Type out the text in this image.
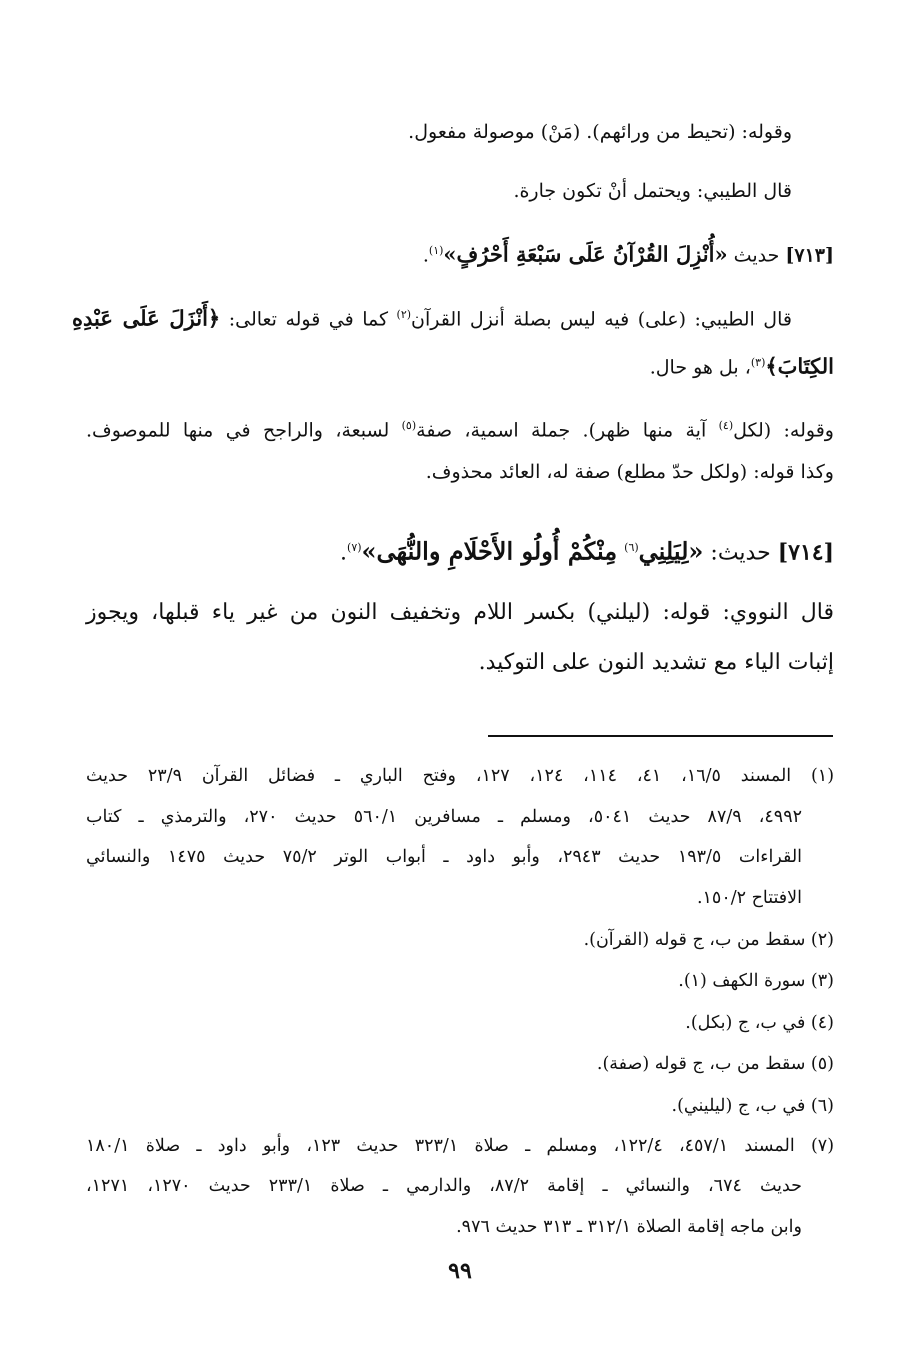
وقوله: (تحيط من ورائهم). (مَنْ) موصولة مفعول.
قال الطيبي: ويحتمل أنْ تكون جارة.
[٧١٣] حديث «أُنْزِلَ القُرْآنُ عَلَى سَبْعَةِ أَحْرُفٍ»$^{(١)}$.
قال الطيبي: (على) فيه ليس بصلة أنزل القرآن$^{(٢)}$ كما في قوله تعالى: ﴿أَنْزَلَ عَلَى عَبْدِهِ
الكِتَابَ﴾$^{(٣)}$، بل هو حال.
وقوله: (لكل$^{(٤)}$ آية منها ظهر). جملة اسمية، صفة$^{(٥)}$ لسبعة، والراجح في منها للموصوف.
وكذا قوله: (ولكل حدّ مطلع) صفة له، العائد محذوف.
[٧١٤] حديث: «لِيَلِنِي$^{(٦)}$ مِنْكُمْ أُولُو الأَحْلَامِ والنُّهَى»$^{(٧)}$.
قال النووي: قوله: (ليلني) بكسر اللام وتخفيف النون من غير ياء قبلها، ويجوز
إثبات الياء مع تشديد النون على التوكيد.
(١) المسند ١٦/٥، ٤١، ١١٤، ١٢٤، ١٢٧، وفتح الباري ـ فضائل القرآن ٢٣/٩ حديث
٤٩٩٢، ٨٧/٩ حديث ٥٠٤١، ومسلم ـ مسافرين ٥٦٠/١ حديث ٢٧٠، والترمذي ـ كتاب
القراءات ١٩٣/٥ حديث ٢٩٤٣، وأبو داود ـ أبواب الوتر ٧٥/٢ حديث ١٤٧٥ والنسائي
الافتتاح ١٥٠/٢.
(٢) سقط من ب، ج قوله (القرآن).
(٣) سورة الكهف (١).
(٤) في ب، ج (بكل).
(٥) سقط من ب، ج قوله (صفة).
(٦) في ب، ج (ليليني).
(٧) المسند ٤٥٧/١، ١٢٢/٤، ومسلم ـ صلاة ٣٢٣/١ حديث ١٢٣، وأبو داود ـ صلاة ١٨٠/١
حديث ٦٧٤، والنسائي ـ إقامة ٨٧/٢، والدارمي ـ صلاة ٢٣٣/١ حديث ١٢٧٠، ١٢٧١،
وابن ماجه إقامة الصلاة ٣١٢/١ ـ ٣١٣ حديث ٩٧٦.
٩٩
